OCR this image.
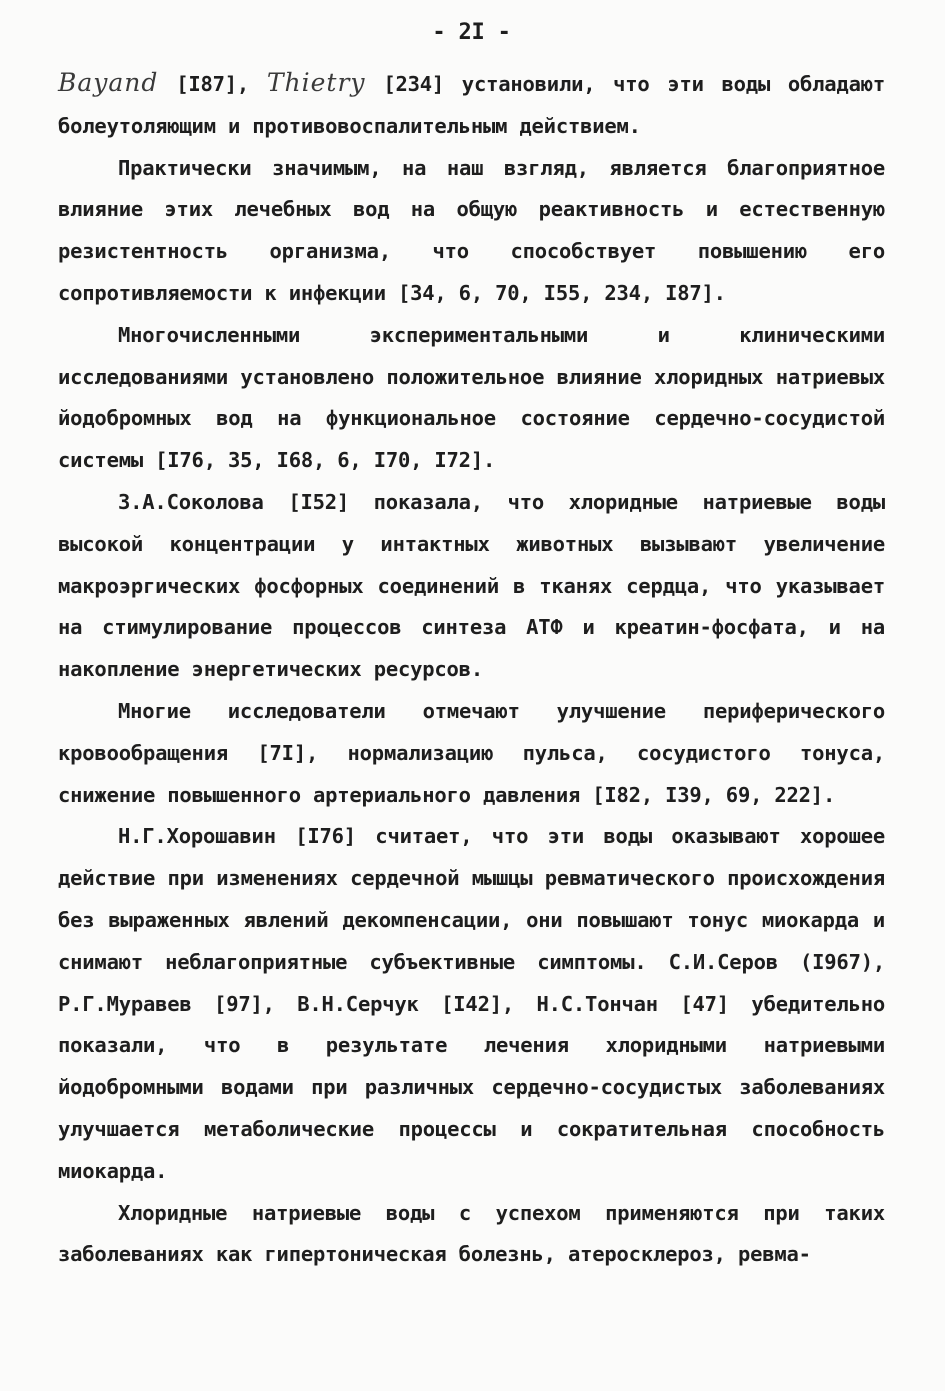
- 2I -

Bayand [I87], Thietry [234] установили, что эти воды обладают болеутоляющим и противовоспалительным действием.

Практически значимым, на наш взгляд, является благоприятное влияние этих лечебных вод на общую реактивность и естественную резистентность организма, что способствует повышению его сопротивляемости к инфекции [34, 6, 70, I55, 234, I87].

Многочисленными экспериментальными и клиническими исследованиями установлено положительное влияние хлоридных натриевых йодобромных вод на функциональное состояние сердечно-сосудистой системы [I76, 35, I68, 6, I70, I72].

З.А.Соколова [I52] показала, что хлоридные натриевые воды высокой концентрации у интактных животных вызывают увеличение макроэргических фосфорных соединений в тканях сердца, что указывает на стимулирование процессов синтеза АТФ и креатин-фосфата, и на накопление энергетических ресурсов.

Многие исследователи отмечают улучшение периферического кровообращения [7I], нормализацию пульса, сосудистого тонуса, снижение повышенного артериального давления [I82, I39, 69, 222].

Н.Г.Хорошавин [I76] считает, что эти воды оказывают хорошее действие при изменениях сердечной мышцы ревматического происхождения без выраженных явлений декомпенсации, они повышают тонус миокарда и снимают неблагоприятные субъективные симптомы. С.И.Серов (I967), Р.Г.Муравев [97], В.Н.Серчук [I42], Н.С.Тончан [47] убедительно показали, что в результате лечения хлоридными натриевыми йодобромными водами при различных сердечно-сосудистых заболеваниях улучшается метаболические процессы и сократительная способность миокарда.

Хлоридные натриевые воды с успехом применяются при таких заболеваниях как гипертоническая болезнь, атеросклероз, ревма-
